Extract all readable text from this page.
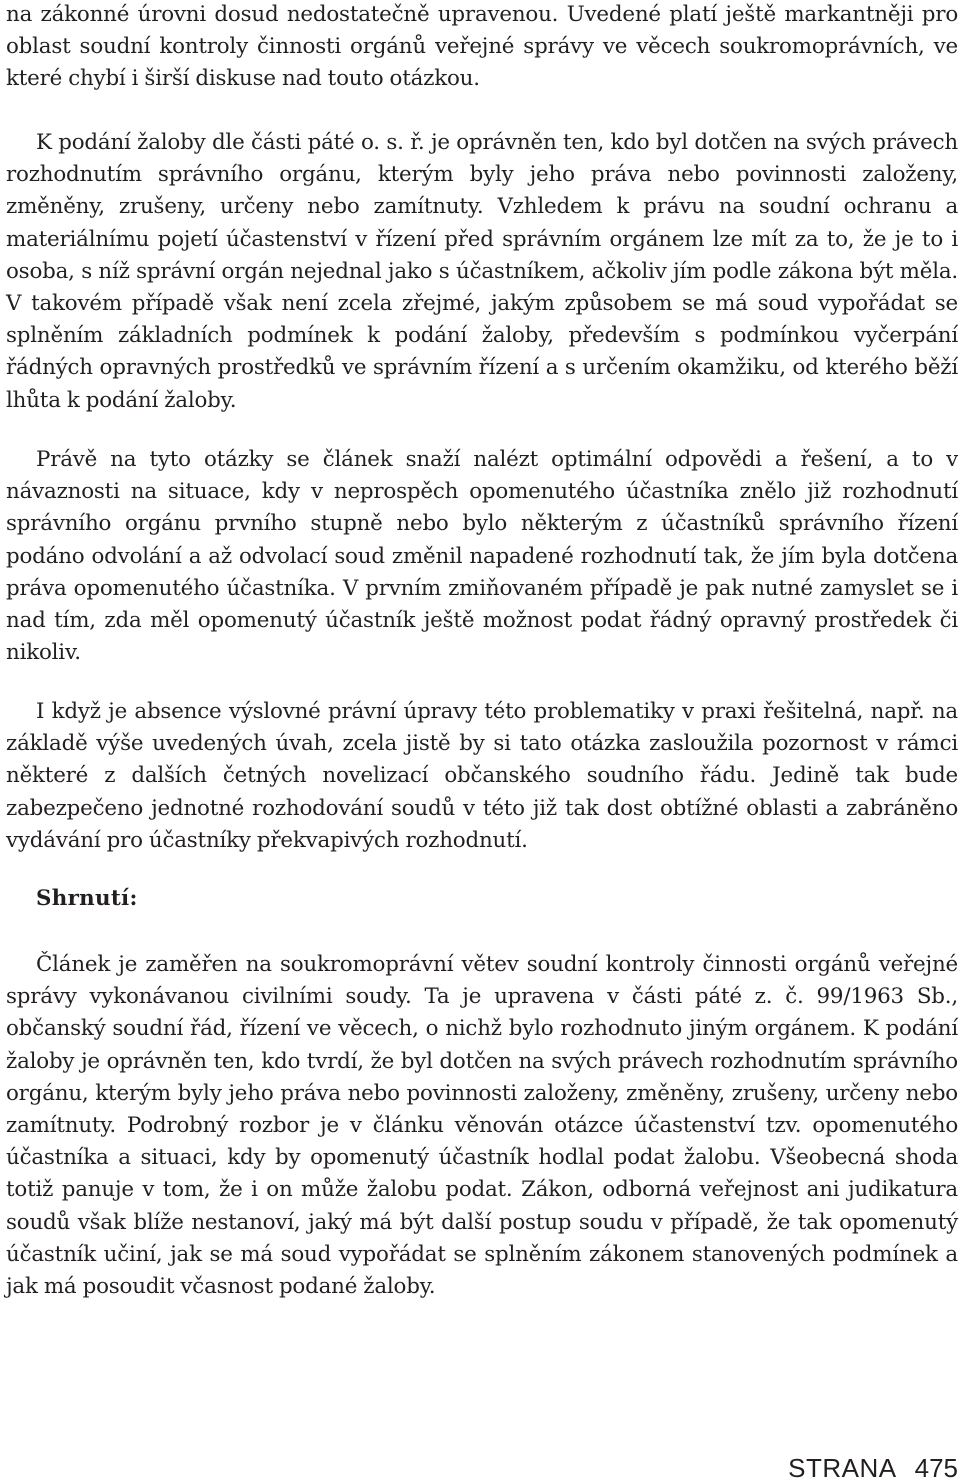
na zákonné úrovni dosud nedostatečně upravenou. Uvedené platí ještě markantněji pro oblast soudní kontroly činnosti orgánů veřejné správy ve věcech soukromoprávních, ve které chybí i širší diskuse nad touto otázkou.

K podání žaloby dle části páté o. s. ř. je oprávněn ten, kdo byl dotčen na svých právech rozhodnutím správního orgánu, kterým byly jeho práva nebo povinnosti založeny, změněny, zrušeny, určeny nebo zamítnuty. Vzhledem k právu na soudní ochranu a materiálnímu pojetí účastenství v řízení před správním orgánem lze mít za to, že je to i osoba, s níž správní orgán nejednal jako s účastníkem, ačkoliv jím podle zákona být měla. V takovém případě však není zcela zřejmé, jakým způsobem se má soud vypořádat se splněním základních podmínek k podání žaloby, především s podmínkou vyčerpání řádných opravných prostředků ve správním řízení a s určením okamžiku, od kterého běží lhůta k podání žaloby.

Právě na tyto otázky se článek snaží nalézt optimální odpovědi a řešení, a to v návaznosti na situace, kdy v neprospěch opomenutého účastníka znělo již rozhodnutí správního orgánu prvního stupně nebo bylo některým z účastníků správního řízení podáno odvolání a až odvolací soud změnil napadené rozhodnutí tak, že jím byla dotčena práva opomenutého účastníka. V prvním zmiňovaném případě je pak nutné zamyslet se i nad tím, zda měl opomenutý účastník ještě možnost podat řádný opravný prostředek či nikoliv.

I když je absence výslovné právní úpravy této problematiky v praxi řešitelná, např. na základě výše uvedených úvah, zcela jistě by si tato otázka zasloužila pozornost v rámci některé z dalších četných novelizací občanského soudního řádu. Jedině tak bude zabezpečeno jednotné rozhodování soudů v této již tak dost obtížné oblasti a zabráněno vydávání pro účastníky překvapivých rozhodnutí.

Shrnutí:

Článek je zaměřen na soukromoprávní větev soudní kontroly činnosti orgánů veřejné správy vykonávanou civilními soudy. Ta je upravena v části páté z. č. 99/1963 Sb., občanský soudní řád, řízení ve věcech, o nichž bylo rozhodnuto jiným orgánem. K podání žaloby je oprávněn ten, kdo tvrdí, že byl dotčen na svých právech rozhodnutím správního orgánu, kterým byly jeho práva nebo povinnosti založeny, změněny, zrušeny, určeny nebo zamítnuty. Podrobný rozbor je v článku věnován otázce účastenství tzv. opomenutého účastníka a situaci, kdy by opomenutý účastník hodlal podat žalobu. Všeobecná shoda totiž panuje v tom, že i on může žalobu podat. Zákon, odborná veřejnost ani judikatura soudů však blíže nestanoví, jaký má být další postup soudu v případě, že tak opomenutý účastník učiní, jak se má soud vypořádat se splněním zákonem stanovených podmínek a jak má posoudit včasnost podané žaloby.

STRANA 475
